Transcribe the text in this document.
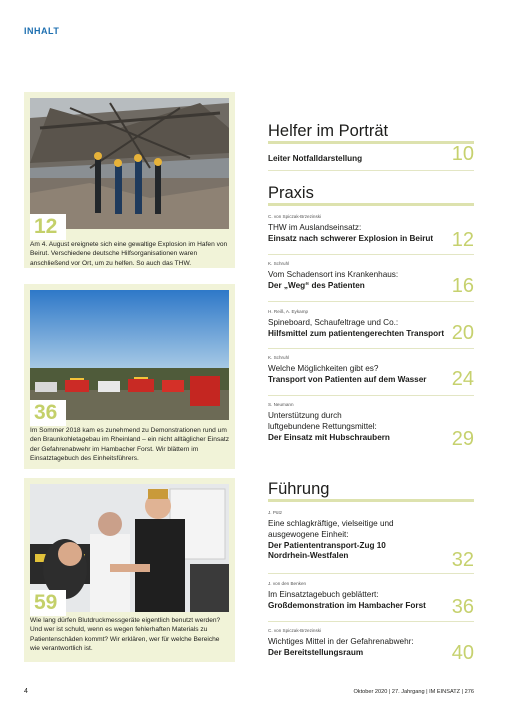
INHALT
12
Am 4. August ereignete sich eine gewaltige Explosion im Hafen von Beirut. Verschiedene deutsche Hilfsorganisationen waren anschließend vor Ort, um zu helfen. So auch das THW.
36
Im Sommer 2018 kam es zunehmend zu Demonstrationen rund um den Braunkohletagebau im Rheinland – ein nicht alltäglicher Einsatz der Gefahrenabwehr im Hambacher Forst. Wir blättern im Einsatztagebuch des Einheitsführers.
59
Wie lang dürfen Blutdruckmessgeräte eigentlich benutzt werden? Und wer ist schuld, wenn es wegen fehlerhaften Materials zu Patientenschäden kommt? Wir erklären, wer für welche Bereiche wie verantwortlich ist.
Helfer im Porträt
Leiter Notfalldarstellung	10
Praxis
C. von Spiczak-Brzezinski
THW im Auslandseinsatz:
Einsatz nach schwerer Explosion in Beirut 12
K. Schruhl
Vom Schadensort ins Krankenhaus:
Der „Weg“ des Patienten	16
H. Reiß, A. Eykamp
Spineboard, Schaufeltrage und Co.:
Hilfsmittel zum patientengerechten Transport 20
K. Schruhl
Welche Möglichkeiten gibt es?
Transport von Patienten auf dem Wasser	24
S. Neumann
Unterstützung durch
luftgebundene Rettungsmittel:
Der Einsatz mit Hubschraubern	29
Führung
J. Pütz
Eine schlagkräftige, vielseitige und
ausgewogene Einheit:
Der Patiententransport-Zug 10
Nordrhein-Westfalen	32
J. von den Benken
Im Einsatztagebuch geblättert:
Großdemonstration im Hambacher Forst	36
C. von Spiczak-Brzezinski
Wichtiges Mittel in der Gefahrenabwehr:
Der Bereitstellungsraum	40
4	Oktober 2020 | 27. Jahrgang | IM EINSATZ | 276
